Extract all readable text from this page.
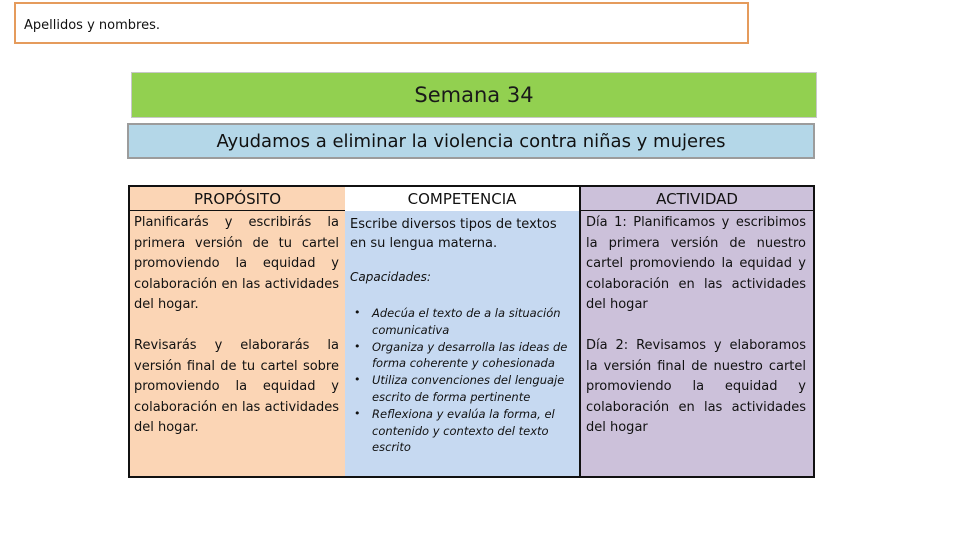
Apellidos y nombres.
Semana 34
Ayudamos a eliminar la violencia contra niñas y mujeres
PROPÓSITO
Planificarás y escribirás la primera versión de tu cartel promoviendo la equidad y colaboración en las actividades del hogar.
Revisarás y elaborarás la versión final de tu cartel sobre promoviendo la equidad y colaboración en las actividades del hogar.
COMPETENCIA
Escribe diversos tipos de textos en su lengua materna.
Capacidades:
• Adecúa el texto de a la situación comunicativa
• Organiza y desarrolla las ideas de forma coherente y cohesionada
• Utiliza convenciones del lenguaje escrito de forma pertinente
• Reflexiona y evalúa la forma, el contenido y contexto del texto escrito
ACTIVIDAD
Día 1: Planificamos y escribimos la primera versión de nuestro cartel promoviendo la equidad y colaboración en las actividades del hogar
Día 2: Revisamos y elaboramos la versión final de nuestro cartel promoviendo la equidad y colaboración en las actividades del hogar
